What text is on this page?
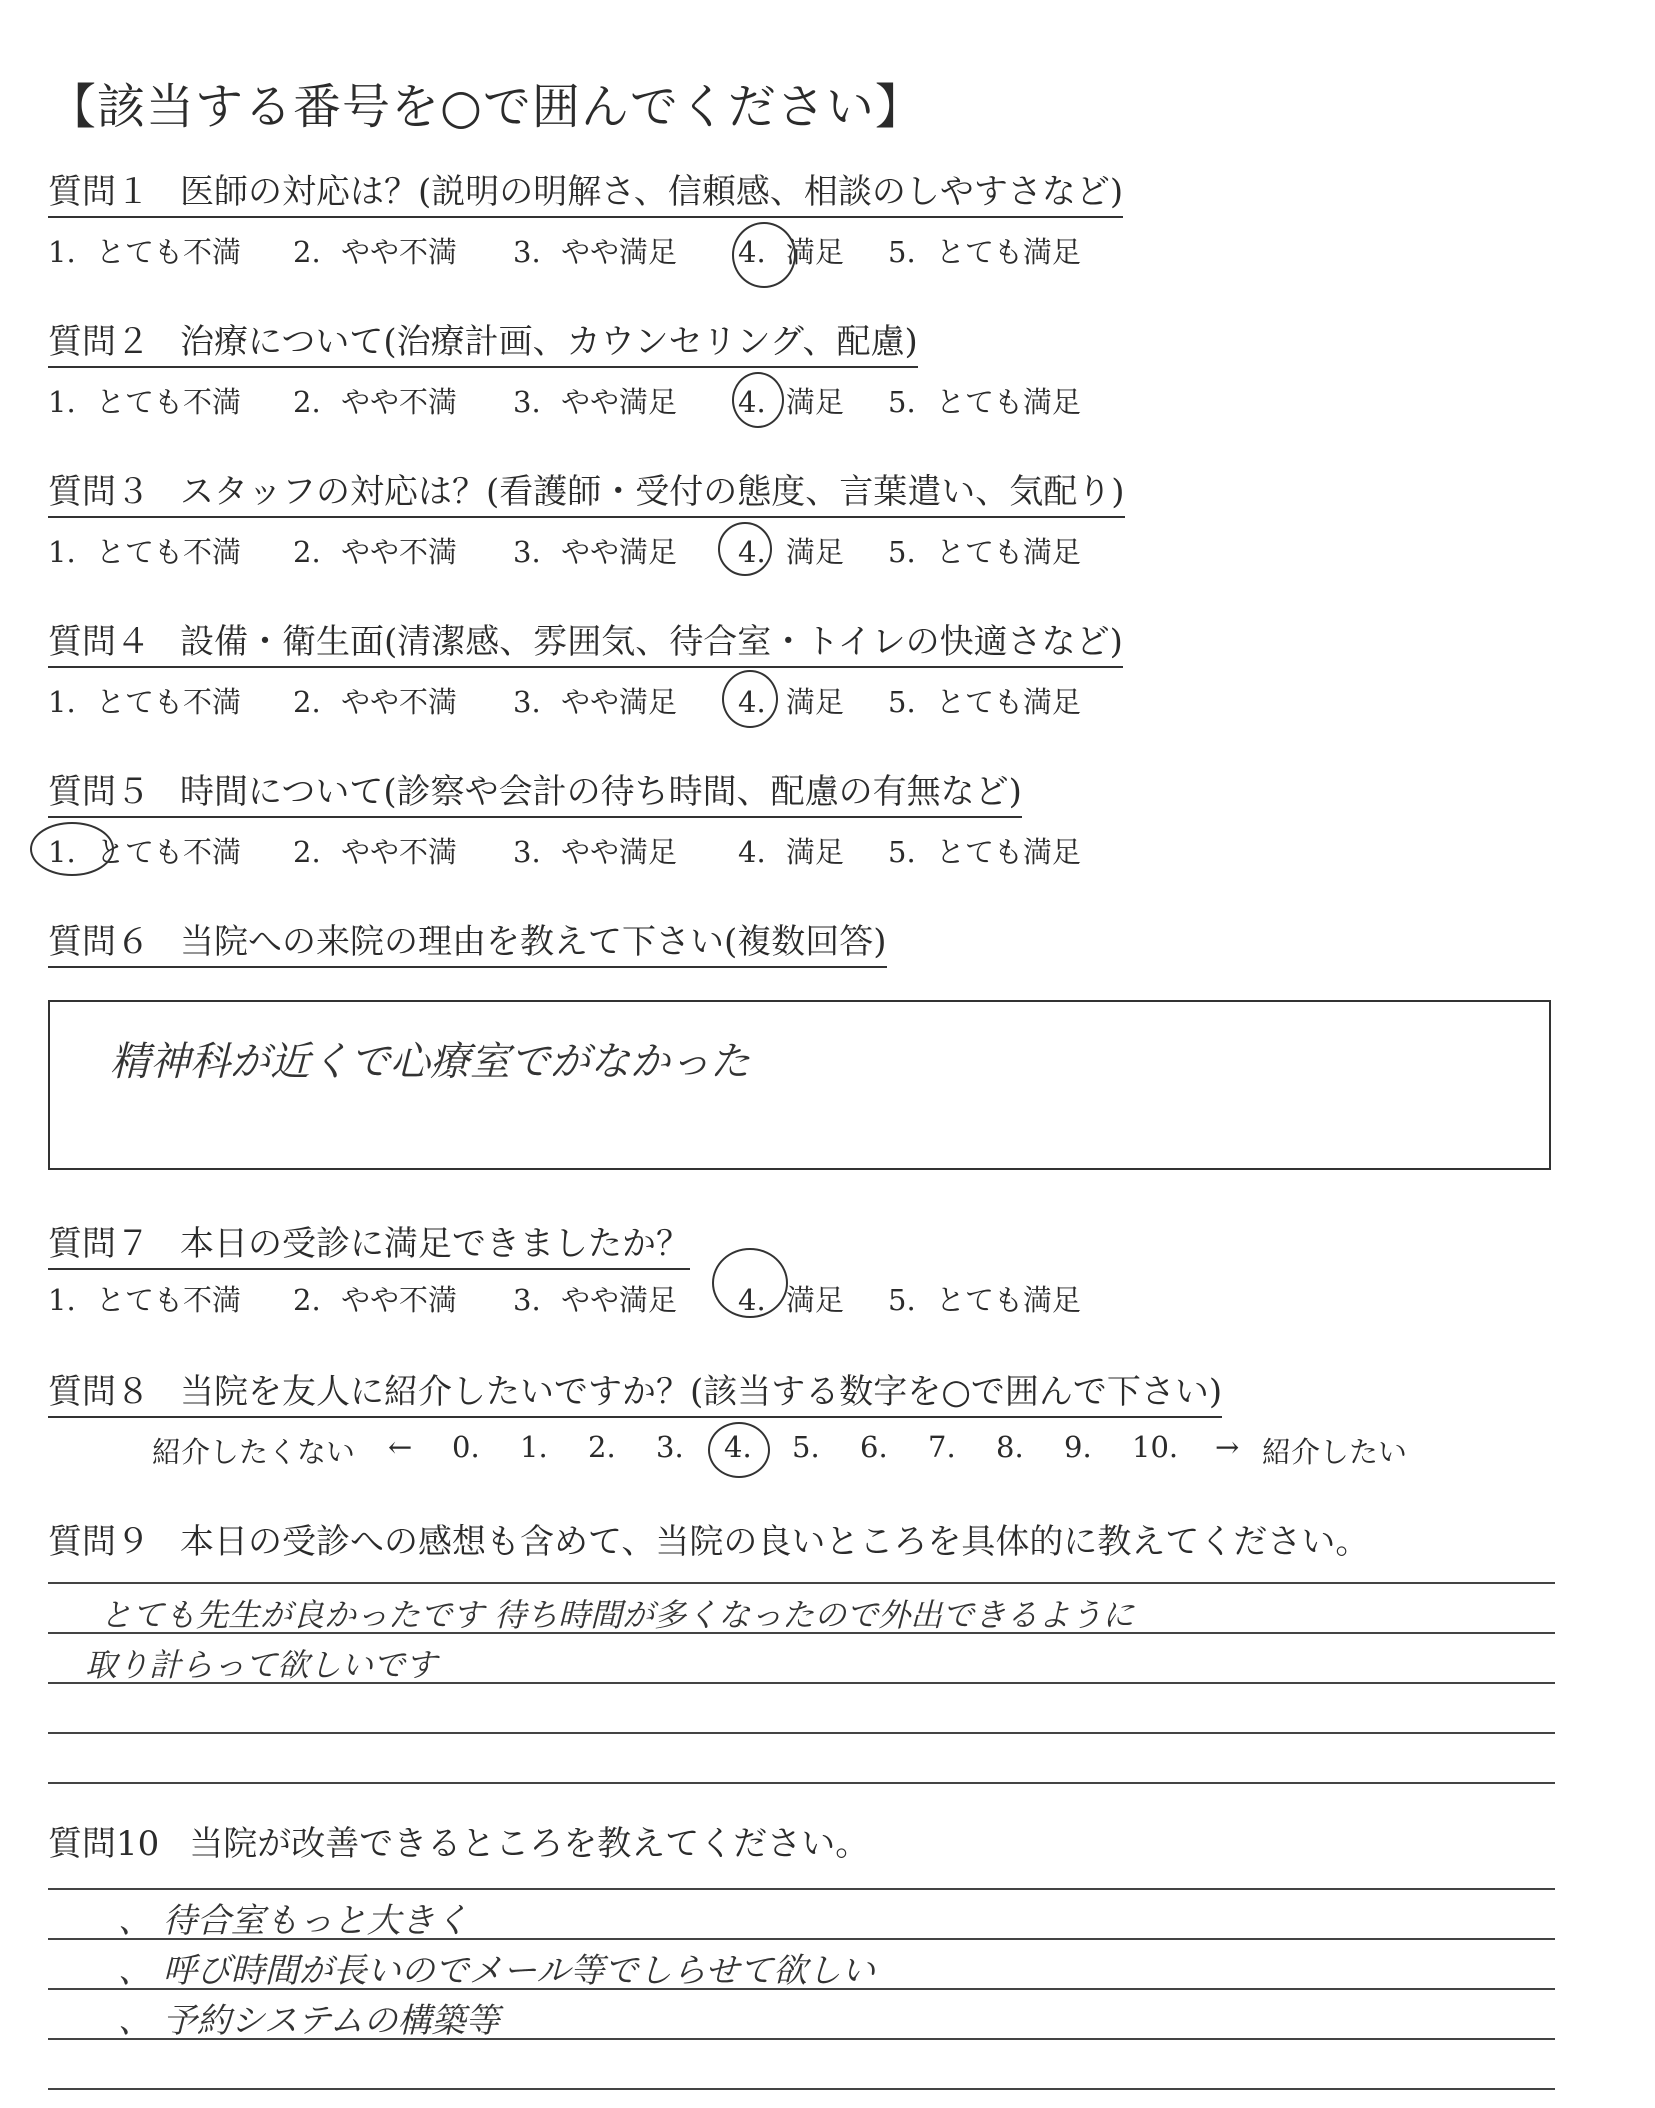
【該当する番号を○で囲んでください】
質問１ 医師の対応は？(説明の明解さ、信頼感、相談のしやすさなど)
1. とても不満 2. やや不満 3. やや満足 4. 満足 5. とても満足
質問２ 治療について(治療計画、カウンセリング、配慮)
1. とても不満 2. やや不満 3. やや満足 4. 満足 5. とても満足
質問３ スタッフの対応は？(看護師・受付の態度、言葉遣い、気配り)
1. とても不満 2. やや不満 3. やや満足 4. 満足 5. とても満足
質問４ 設備・衛生面(清潔感、雰囲気、待合室・トイレの快適さなど)
1. とても不満 2. やや不満 3. やや満足 4. 満足 5. とても満足
質問５ 時間について(診察や会計の待ち時間、配慮の有無など)
1. とても不満 2. やや不満 3. やや満足 4. 満足 5. とても満足
質問６ 当院への来院の理由を教えて下さい(複数回答)
精神科が近くで心療室でがなかった
質問７ 本日の受診に満足できましたか？
1. とても不満 2. やや不満 3. やや満足 4. 満足 5. とても満足
質問８ 当院を友人に紹介したいですか？(該当する数字を○で囲んで下さい)
紹介したくない ← 0. 1. 2. 3. 4. 5. 6. 7. 8. 9. 10. → 紹介したい
質問９ 本日の受診への感想も含めて、当院の良いところを具体的に教えてください。
とても先生が良かったです 待ち時間が多くなったので外出できるように
取り計らって欲しいです
質問10 当院が改善できるところを教えてください。
、 待合室もっと大きく
、 呼び時間が長いのでメール等でしらせて欲しい
、 予約システムの構築等
